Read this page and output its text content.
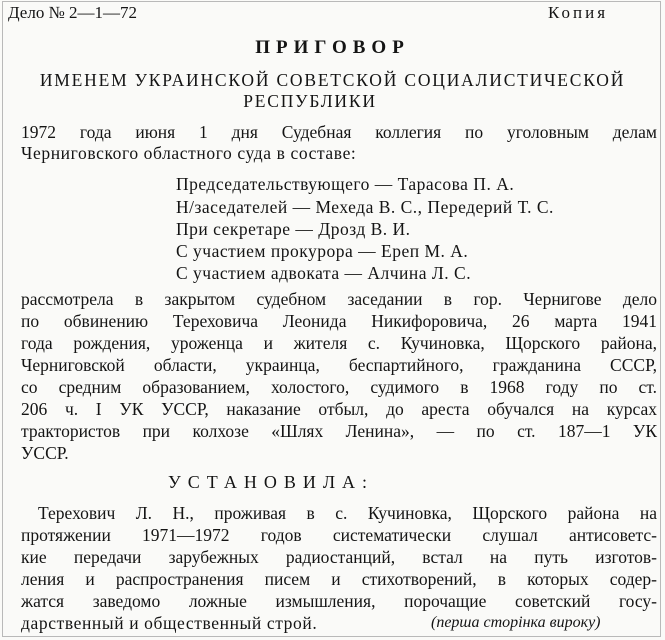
Дело № 2—1—72	Копия
ПРИГОВОР
ИМЕНЕМ УКРАИНСКОЙ СОВЕТСКОЙ СОЦИАЛИСТИЧЕСКОЙ
РЕСПУБЛИКИ
1972 года июня 1 дня Судебная коллегия по уголовным делам
Черниговского областного суда в составе:
Председательствующего — Тарасова П. А.
Н/заседателей — Мехеда В. С., Передерий Т. С.
При секретаре — Дрозд В. И.
С участием прокурора — Ереп М. А.
С участием адвоката — Алчина Л. С.
рассмотрела в закрытом судебном заседании в гор. Чернигове дело
по обвинению Тереховича Леонида Никифоровича, 26 марта 1941
года рождения, уроженца и жителя с. Кучиновка, Щорского района,
Черниговской области, украинца, беспартийного, гражданина СССР,
со средним образованием, холостого, судимого в 1968 году по ст.
206 ч. I УК УССР, наказание отбыл, до ареста обучался на курсах
трактористов при колхозе «Шлях Ленина», — по ст. 187—1 УК
УССР.
УСТАНОВИЛА:
Терехович Л. Н., проживая в с. Кучиновка, Щорского района на
протяжении 1971—1972 годов систематически слушал антисоветс-
кие передачи зарубежных радиостанций, встал на путь изготов-
ления и распространения писем и стихотворений, в которых содер-
жатся заведомо ложные измышления, порочащие советский госу-
дарственный и общественный строй.	(перша сторінка вироку)
